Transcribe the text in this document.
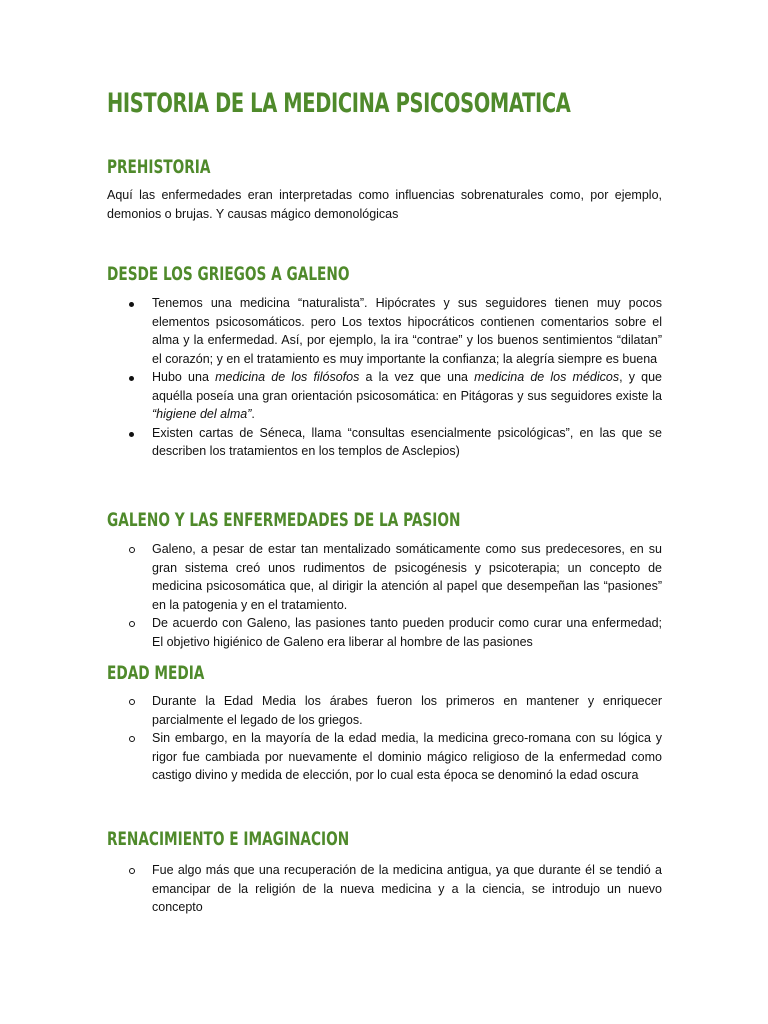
HISTORIA DE LA MEDICINA PSICOSOMATICA
PREHISTORIA

Aquí las enfermedades eran interpretadas como influencias sobrenaturales como, por ejemplo, demonios o brujas. Y causas mágico demonológicas

DESDE LOS GRIEGOS A GALENO
Tenemos una medicina “naturalista”. Hipócrates y sus seguidores tienen muy pocos elementos psicosomáticos. pero Los textos hipocráticos contienen comentarios sobre el alma y la enfermedad. Así, por ejemplo, la ira “contrae” y los buenos sentimientos “dilatan” el corazón; y en el tratamiento es muy importante la confianza; la alegría siempre es buena
Hubo una medicina de los filósofos a la vez que una medicina de los médicos, y que aquélla poseía una gran orientación psicosomática: en Pitágoras y sus seguidores existe la “higiene del alma”.
Existen cartas de Séneca, llama “consultas esencialmente psicológicas”, en las que se describen los tratamientos en los templos de Asclepios)
GALENO Y LAS ENFERMEDADES DE LA PASION
Galeno, a pesar de estar tan mentalizado somáticamente como sus predecesores, en su gran sistema creó unos rudimentos de psicogénesis y psicoterapia; un concepto de medicina psicosomática que, al dirigir la atención al papel que desempeñan las “pasiones” en la patogenia y en el tratamiento.
De acuerdo con Galeno, las pasiones tanto pueden producir como curar una enfermedad; El objetivo higiénico de Galeno era liberar al hombre de las pasiones
EDAD MEDIA
Durante la Edad Media los árabes fueron los primeros en mantener y enriquecer parcialmente el legado de los griegos.
Sin embargo, en la mayoría de la edad media, la medicina greco-romana con su lógica y rigor fue cambiada por nuevamente el dominio mágico religioso de la enfermedad como castigo divino y medida de elección, por lo cual esta época se denominó la edad oscura
RENACIMIENTO E IMAGINACION
Fue algo más que una recuperación de la medicina antigua, ya que durante él se tendió a emancipar de la religión de la nueva medicina y a la ciencia, se introdujo un nuevo concepto
